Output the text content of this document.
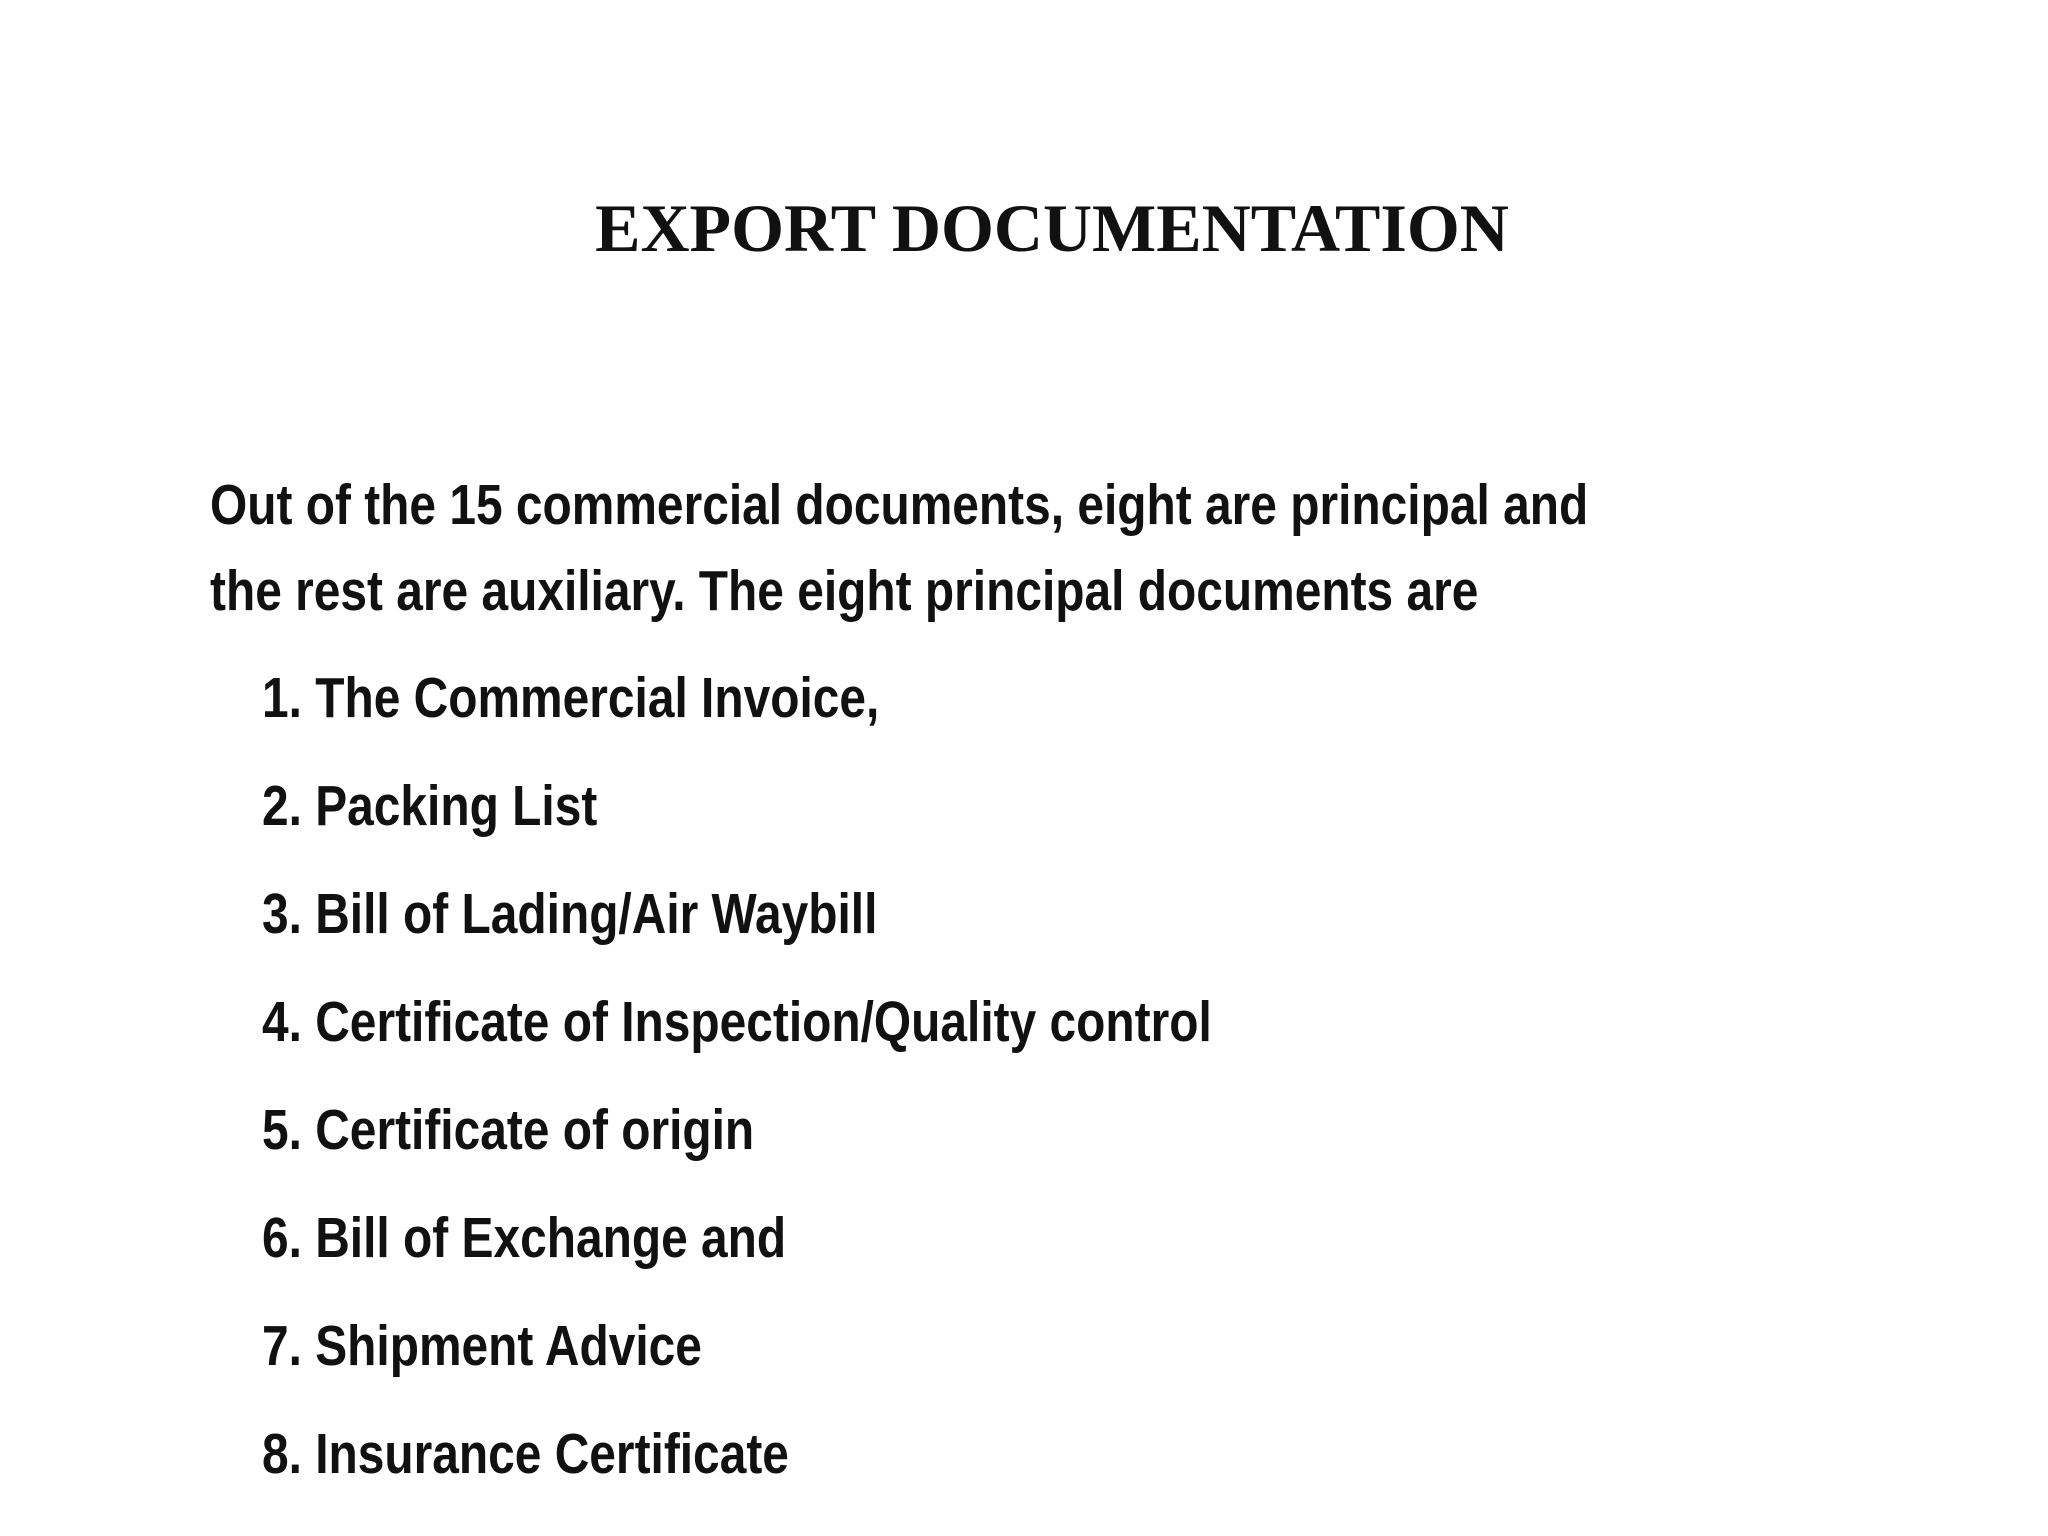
EXPORT DOCUMENTATION

Out of the 15 commercial documents, eight are principal and
the rest are auxiliary. The eight principal documents are

1. The Commercial Invoice,
2. Packing List
3. Bill of Lading/Air Waybill
4. Certificate of Inspection/Quality control
5. Certificate of origin
6. Bill of Exchange and
7. Shipment Advice
8. Insurance Certificate
